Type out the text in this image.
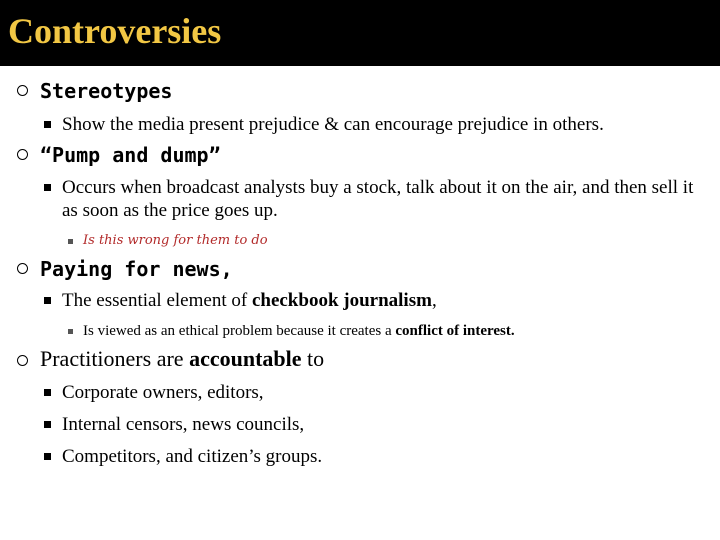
Controversies
Stereotypes
Show the media present prejudice & can encourage prejudice in others.
“Pump and dump”
Occurs when broadcast analysts buy a stock, talk about it on the air, and then sell it as soon as the price goes up.
Is this wrong for them to do
Paying for news,
The essential element of checkbook journalism,
Is viewed as an ethical problem because it creates a conflict of interest.
Practitioners are accountable to
Corporate owners, editors,
Internal censors, news councils,
Competitors, and citizen’s groups.
